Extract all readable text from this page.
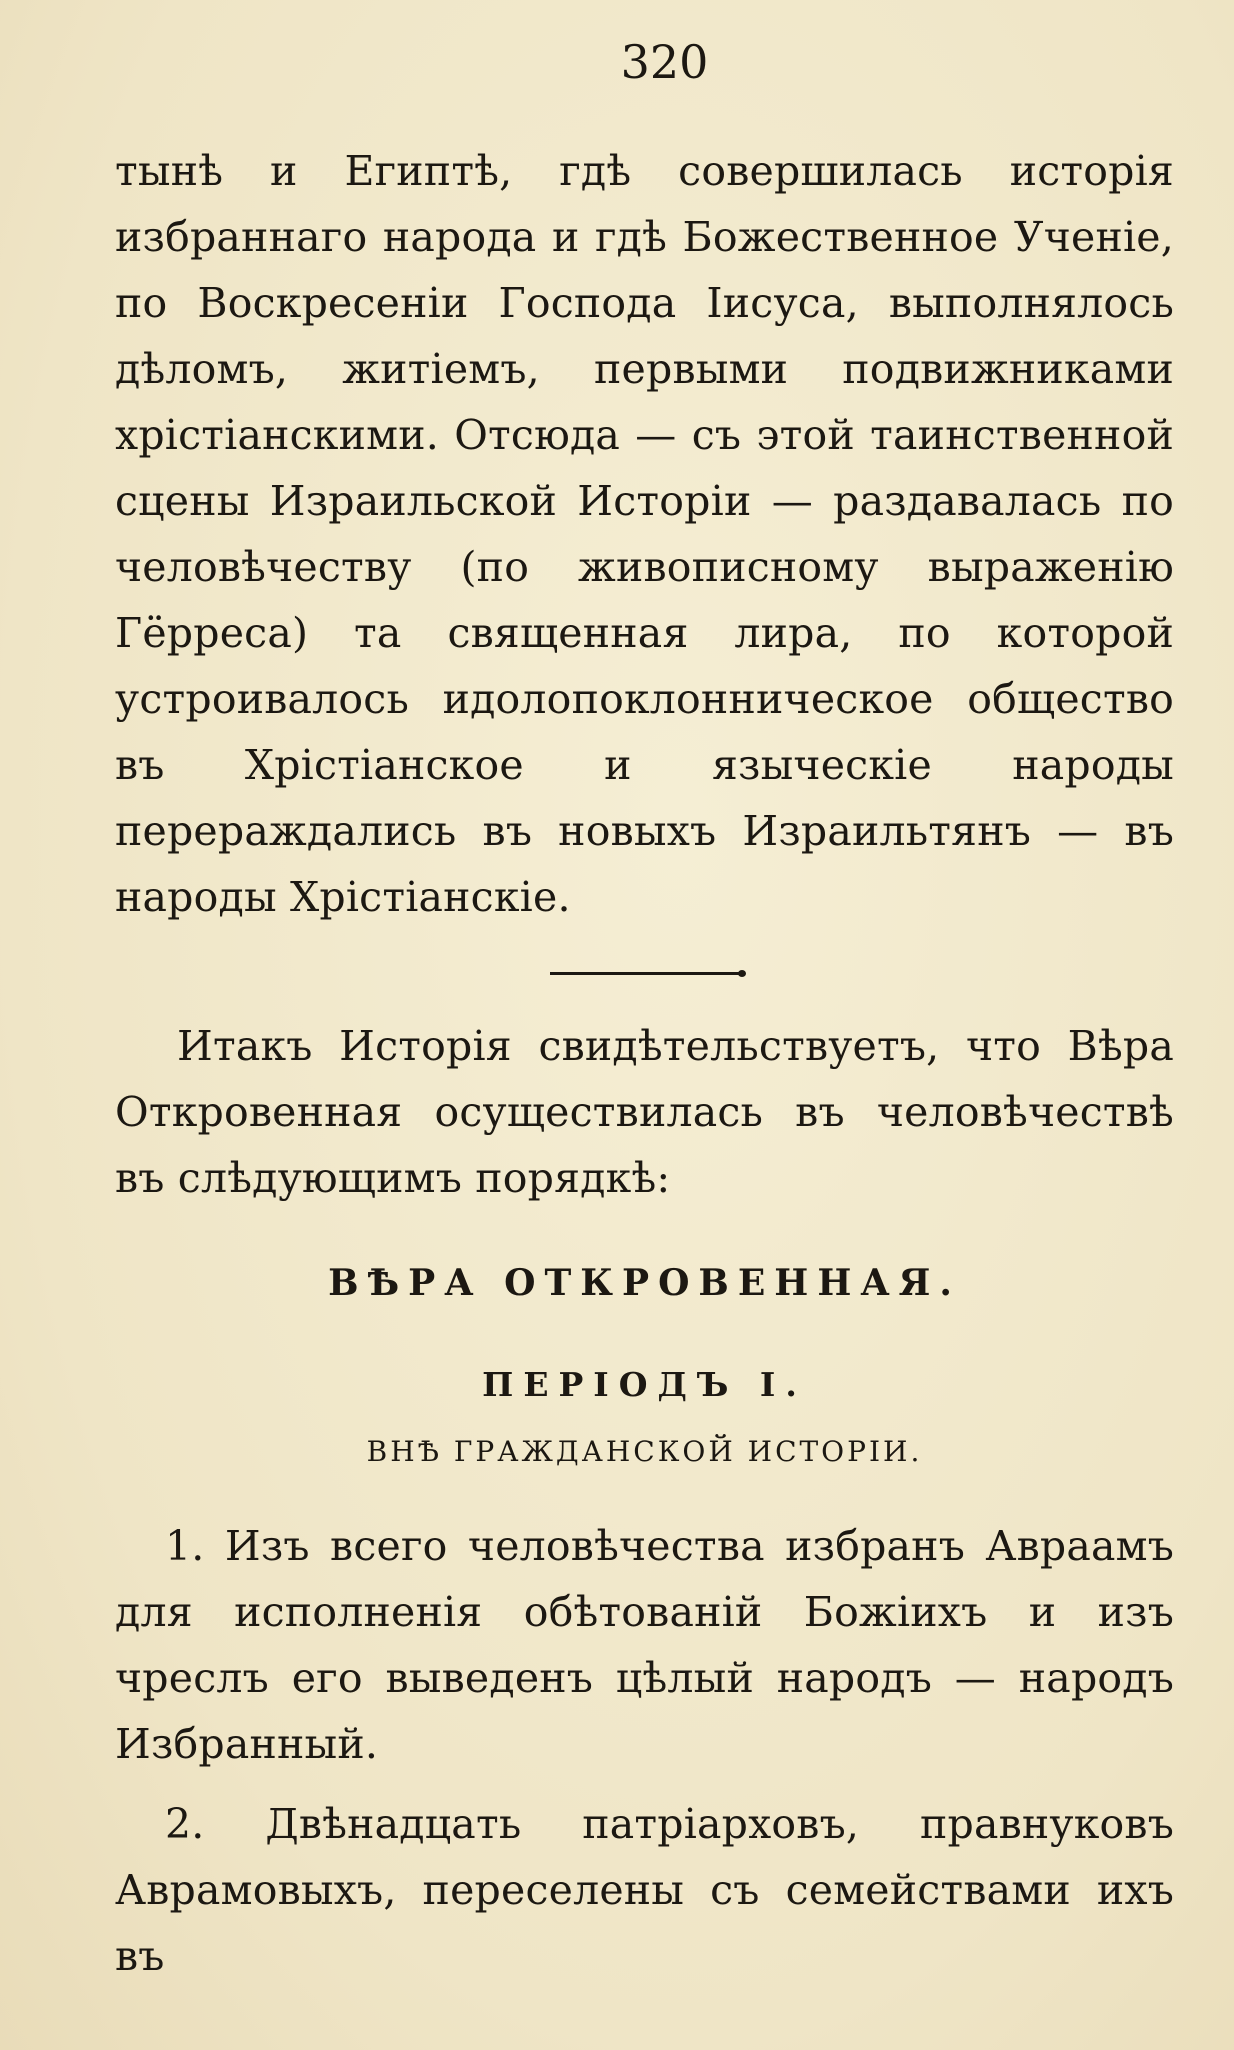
320

тынѣ и Египтѣ, гдѣ совершилась исторія избраннаго народа и гдѣ Божественное Ученіе, по Воскресеніи Господа Іисуса, выполнялось дѣломъ, житіемъ, первыми подвижниками хрістіанскими. Отсюда — съ этой таинственной сцены Израильской Исторіи — раздавалась по человѣчеству (по живописному выраженію Гёрреса) та священная лира, по которой устроивалось идолопоклонническое общество въ Хрістіанское и языческіе народы перераждались въ новыхъ Израильтянъ — въ народы Хрістіанскіе.

Итакъ Исторія свидѣтельствуетъ, что Вѣра Откровенная осуществилась въ человѣчествѣ въ слѣдующимъ порядкѣ:

ВѢРА ОТКРОВЕННАЯ.
ПЕРІОДЪ I.
ВНѢ ГРАЖДАНСКОЙ ИСТОРІИ.

1. Изъ всего человѣчества избранъ Авраамъ для исполненія обѣтованій Божіихъ и изъ чреслъ его выведенъ цѣлый народъ — народъ Избранный.

2. Двѣнадцать патріарховъ, правнуковъ Аврамовыхъ, переселены съ семействами ихъ въ
